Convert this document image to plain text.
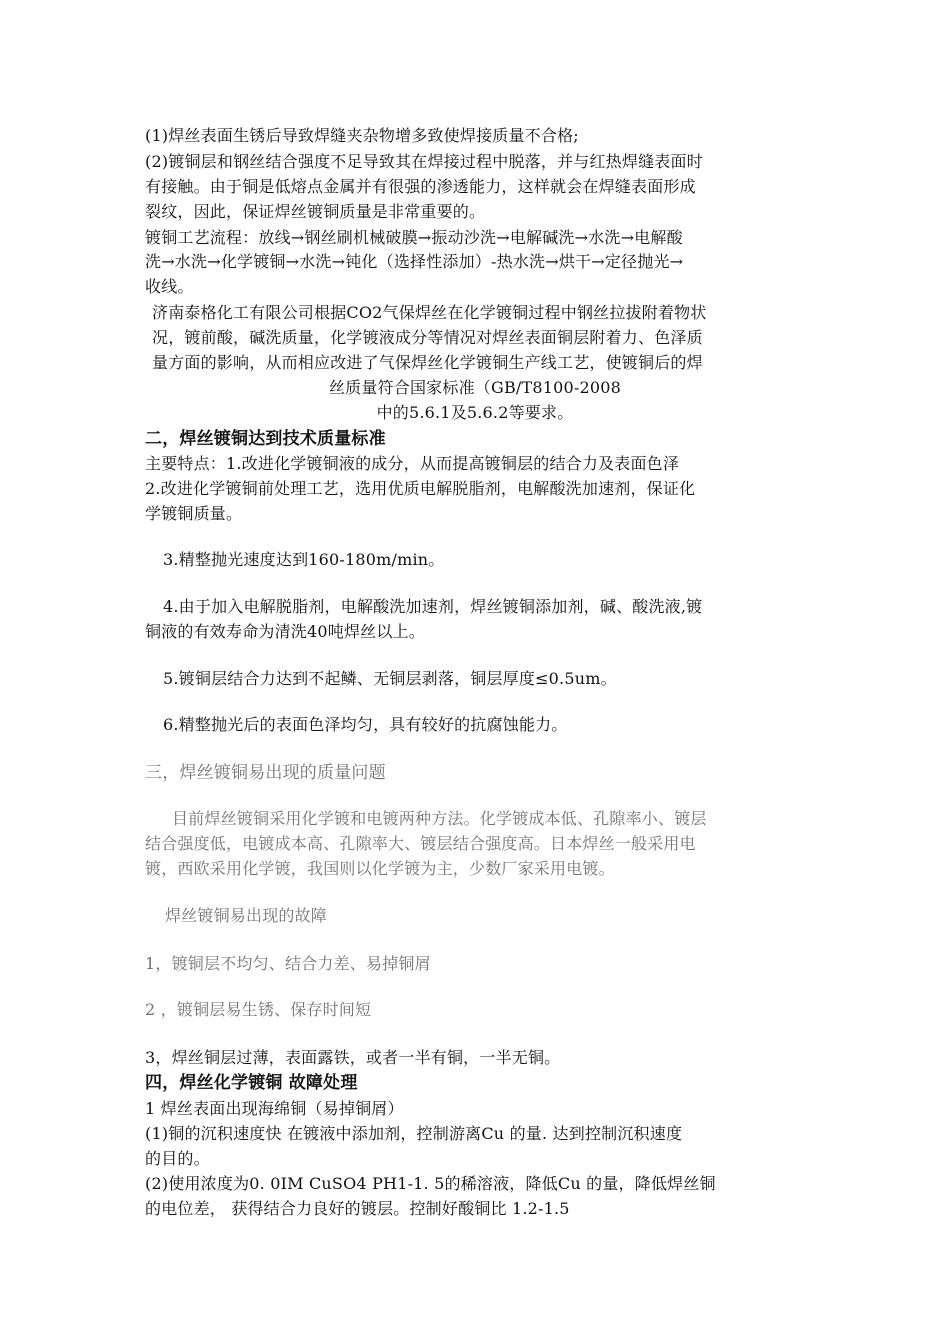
(1)焊丝表面生锈后导致焊缝夹杂物增多致使焊接质量不合格;
(2)镀铜层和钢丝结合强度不足导致其在焊接过程中脱落，并与红热焊缝表面时
有接触。由于铜是低熔点金属并有很强的渗透能力，这样就会在焊缝表面形成
裂纹，因此，保证焊丝镀铜质量是非常重要的。
镀铜工艺流程：放线→钢丝刷机械破膜→振动沙洗→电解碱洗→水洗→电解酸
洗→水洗→化学镀铜→水洗→钝化（选择性添加）-热水洗→烘干→定径抛光→
收线。
济南泰格化工有限公司根据CO2气保焊丝在化学镀铜过程中钢丝拉拔附着物状
况，镀前酸，碱洗质量，化学镀液成分等情况对焊丝表面铜层附着力、色泽质
量方面的影响，从而相应改进了气保焊丝化学镀铜生产线工艺，使镀铜后的焊
丝质量符合国家标准（GB/T8100-2008
中的5.6.1及5.6.2等要求。
二，焊丝镀铜达到技术质量标准
主要特点：1.改进化学镀铜液的成分，从而提高镀铜层的结合力及表面色泽
2.改进化学镀铜前处理工艺，选用优质电解脱脂剂，电解酸洗加速剂，保证化
学镀铜质量。
3.精整抛光速度达到160-180m/min。
4.由于加入电解脱脂剂，电解酸洗加速剂，焊丝镀铜添加剂，碱、酸洗液,镀
铜液的有效寿命为清洗40吨焊丝以上。
5.镀铜层结合力达到不起鳞、无铜层剥落，铜层厚度≤0.5um。
6.精整抛光后的表面色泽均匀，具有较好的抗腐蚀能力。
三，焊丝镀铜易出现的质量问题
目前焊丝镀铜采用化学镀和电镀两种方法。化学镀成本低、孔隙率小、镀层
结合强度低，电镀成本高、孔隙率大、镀层结合强度高。日本焊丝一般采用电
镀，西欧采用化学镀，我国则以化学镀为主，少数厂家采用电镀。
焊丝镀铜易出现的故障
1，镀铜层不均匀、结合力差、易掉铜屑
2 ，镀铜层易生锈、保存时间短
3，焊丝铜层过薄，表面露铁，或者一半有铜，一半无铜。
四，焊丝化学镀铜 故障处理
1 焊丝表面出现海绵铜（易掉铜屑）
(1)铜的沉积速度快 在镀液中添加剂，控制游离Cu 的量. 达到控制沉积速度
的目的。
(2)使用浓度为0. 0IM CuSO4 PH1-1. 5的稀溶液，降低Cu 的量，降低焊丝铜
的电位差， 获得结合力良好的镀层。控制好酸铜比 1.2-1.5
